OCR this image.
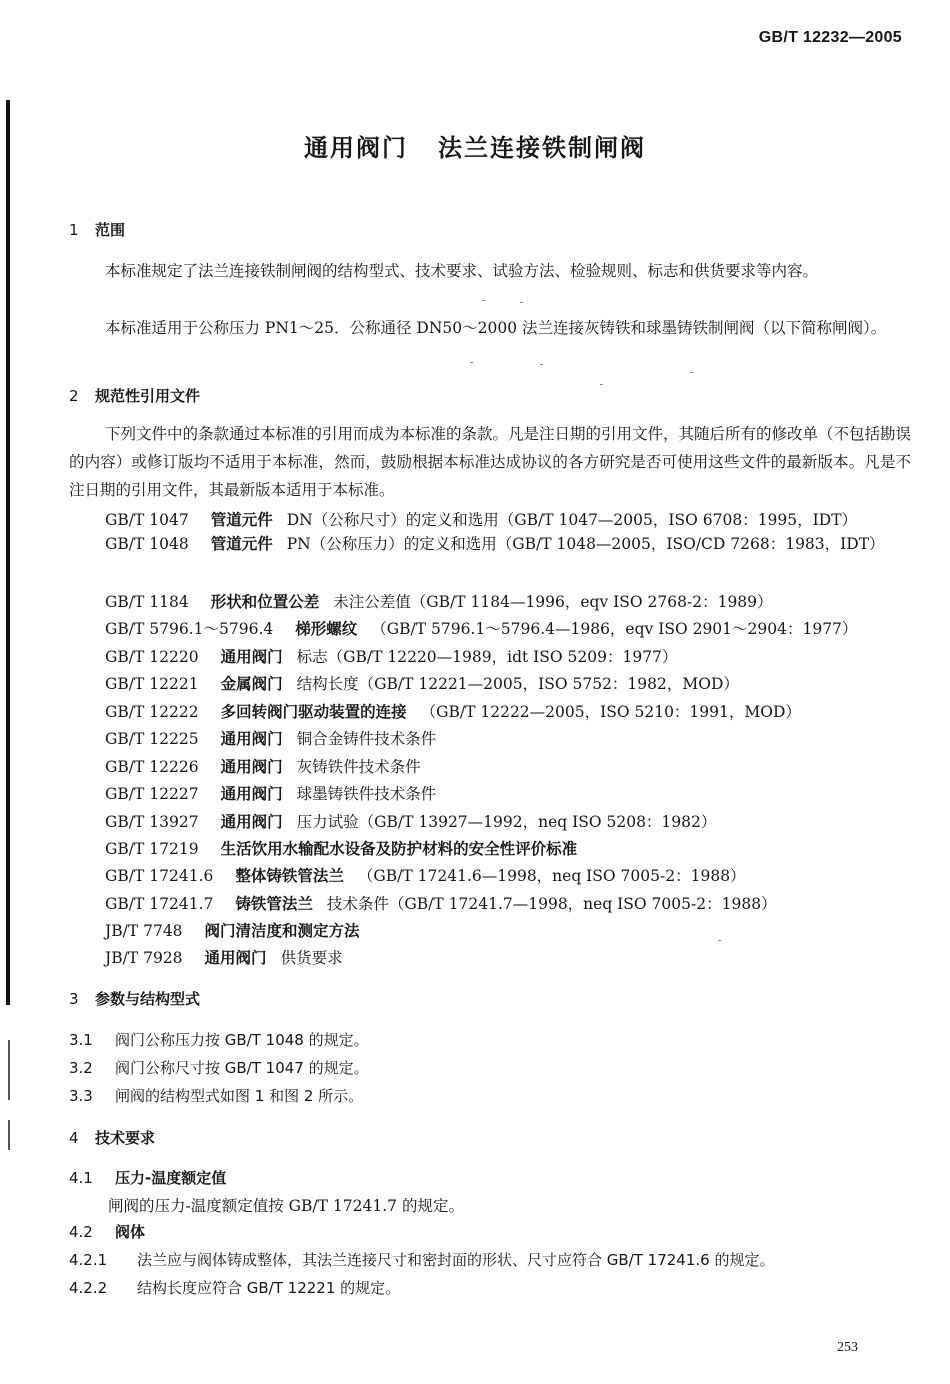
GB/T 12232—2005
通用阀门 法兰连接铁制闸阀
1 范围

本标准规定了法兰连接铁制闸阀的结构型式、技术要求、试验方法、检验规则、标志和供货要求等内容。

本标准适用于公称压力 PN1～25．公称通径 DN50～2000 法兰连接灰铸铁和球墨铸铁制闸阀（以下简称闸阀）。

2 规范性引用文件

下列文件中的条款通过本标准的引用而成为本标准的条款。凡是注日期的引用文件，其随后所有的修改单（不包括勘误的内容）或修订版均不适用于本标准，然而，鼓励根据本标准达成协议的各方研究是否可使用这些文件的最新版本。凡是不注日期的引用文件，其最新版本适用于本标准。

GB/T 1047 管道元件 DN（公称尺寸）的定义和选用（GB/T 1047—2005，ISO 6708：1995，IDT）

GB/T 1048 管道元件 PN（公称压力）的定义和选用（GB/T 1048—2005，ISO/CD 7268：1983，IDT）

GB/T 1184 形状和位置公差 未注公差值（GB/T 1184—1996，eqv ISO 2768-2：1989）
GB/T 5796.1～5796.4 梯形螺纹 （GB/T 5796.1～5796.4—1986，eqv ISO 2901～2904：1977）
GB/T 12220 通用阀门 标志（GB/T 12220—1989，idt ISO 5209：1977）
GB/T 12221 金属阀门 结构长度（GB/T 12221—2005，ISO 5752：1982，MOD）
GB/T 12222 多回转阀门驱动装置的连接 （GB/T 12222—2005，ISO 5210：1991，MOD）
GB/T 12225 通用阀门 铜合金铸件技术条件
GB/T 12226 通用阀门 灰铸铁件技术条件
GB/T 12227 通用阀门 球墨铸铁件技术条件
GB/T 13927 通用阀门 压力试验（GB/T 13927—1992，neq ISO 5208：1982）
GB/T 17219 生活饮用水输配水设备及防护材料的安全性评价标准
GB/T 17241.6 整体铸铁管法兰 （GB/T 17241.6—1998，neq ISO 7005-2：1988）
GB/T 17241.7 铸铁管法兰 技术条件（GB/T 17241.7—1998，neq ISO 7005-2：1988）
JB/T 7748 阀门清洁度和测定方法
JB/T 7928 通用阀门 供货要求
3 参数与结构型式
3.1 阀门公称压力按 GB/T 1048 的规定。
3.2 阀门公称尺寸按 GB/T 1047 的规定。
3.3 闸阀的结构型式如图 1 和图 2 所示。
4 技术要求
4.1 压力-温度额定值
闸阀的压力-温度额定值按 GB/T 17241.7 的规定。
4.2 阀体
4.2.1 法兰应与阀体铸成整体，其法兰连接尺寸和密封面的形状、尺寸应符合 GB/T 17241.6 的规定。
4.2.2 结构长度应符合 GB/T 12221 的规定。
253
